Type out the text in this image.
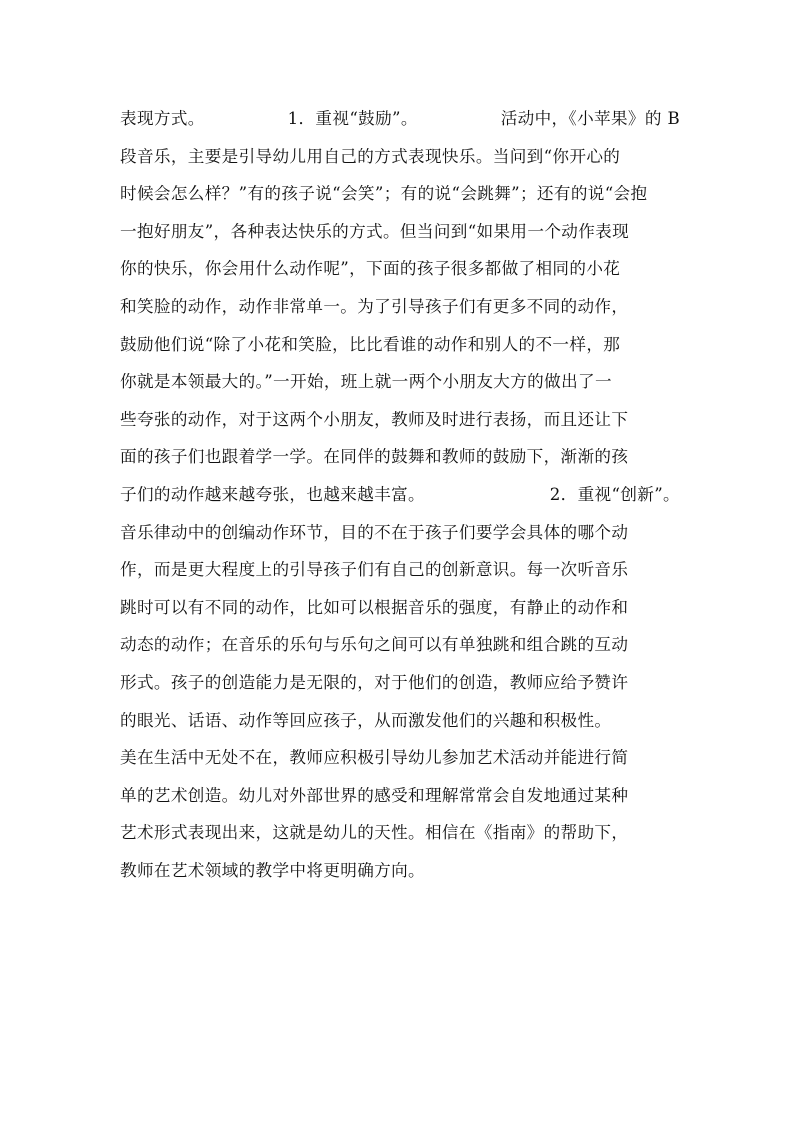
表现方式。	1．重视“鼓励”。	活动中，《小苹果》的 B
段音乐，主要是引导幼儿用自己的方式表现快乐。当问到“你开心的
时候会怎么样？”有的孩子说“会笑”；有的说“会跳舞”；还有的说“会抱
一抱好朋友”，各种表达快乐的方式。但当问到“如果用一个动作表现
你的快乐，你会用什么动作呢”，下面的孩子很多都做了相同的小花
和笑脸的动作，动作非常单一。为了引导孩子们有更多不同的动作，
鼓励他们说“除了小花和笑脸，比比看谁的动作和别人的不一样，那
你就是本领最大的。”一开始，班上就一两个小朋友大方的做出了一
些夸张的动作，对于这两个小朋友，教师及时进行表扬，而且还让下
面的孩子们也跟着学一学。在同伴的鼓舞和教师的鼓励下，渐渐的孩
子们的动作越来越夸张，也越来越丰富。	2．重视“创新”。
音乐律动中的创编动作环节，目的不在于孩子们要学会具体的哪个动
作，而是更大程度上的引导孩子们有自己的创新意识。每一次听音乐
跳时可以有不同的动作，比如可以根据音乐的强度，有静止的动作和
动态的动作；在音乐的乐句与乐句之间可以有单独跳和组合跳的互动
形式。孩子的创造能力是无限的，对于他们的创造，教师应给予赞许
的眼光、话语、动作等回应孩子，从而激发他们的兴趣和积极性。
美在生活中无处不在，教师应积极引导幼儿参加艺术活动并能进行简
单的艺术创造。幼儿对外部世界的感受和理解常常会自发地通过某种
艺术形式表现出来，这就是幼儿的天性。相信在《指南》的帮助下，
教师在艺术领域的教学中将更明确方向。
